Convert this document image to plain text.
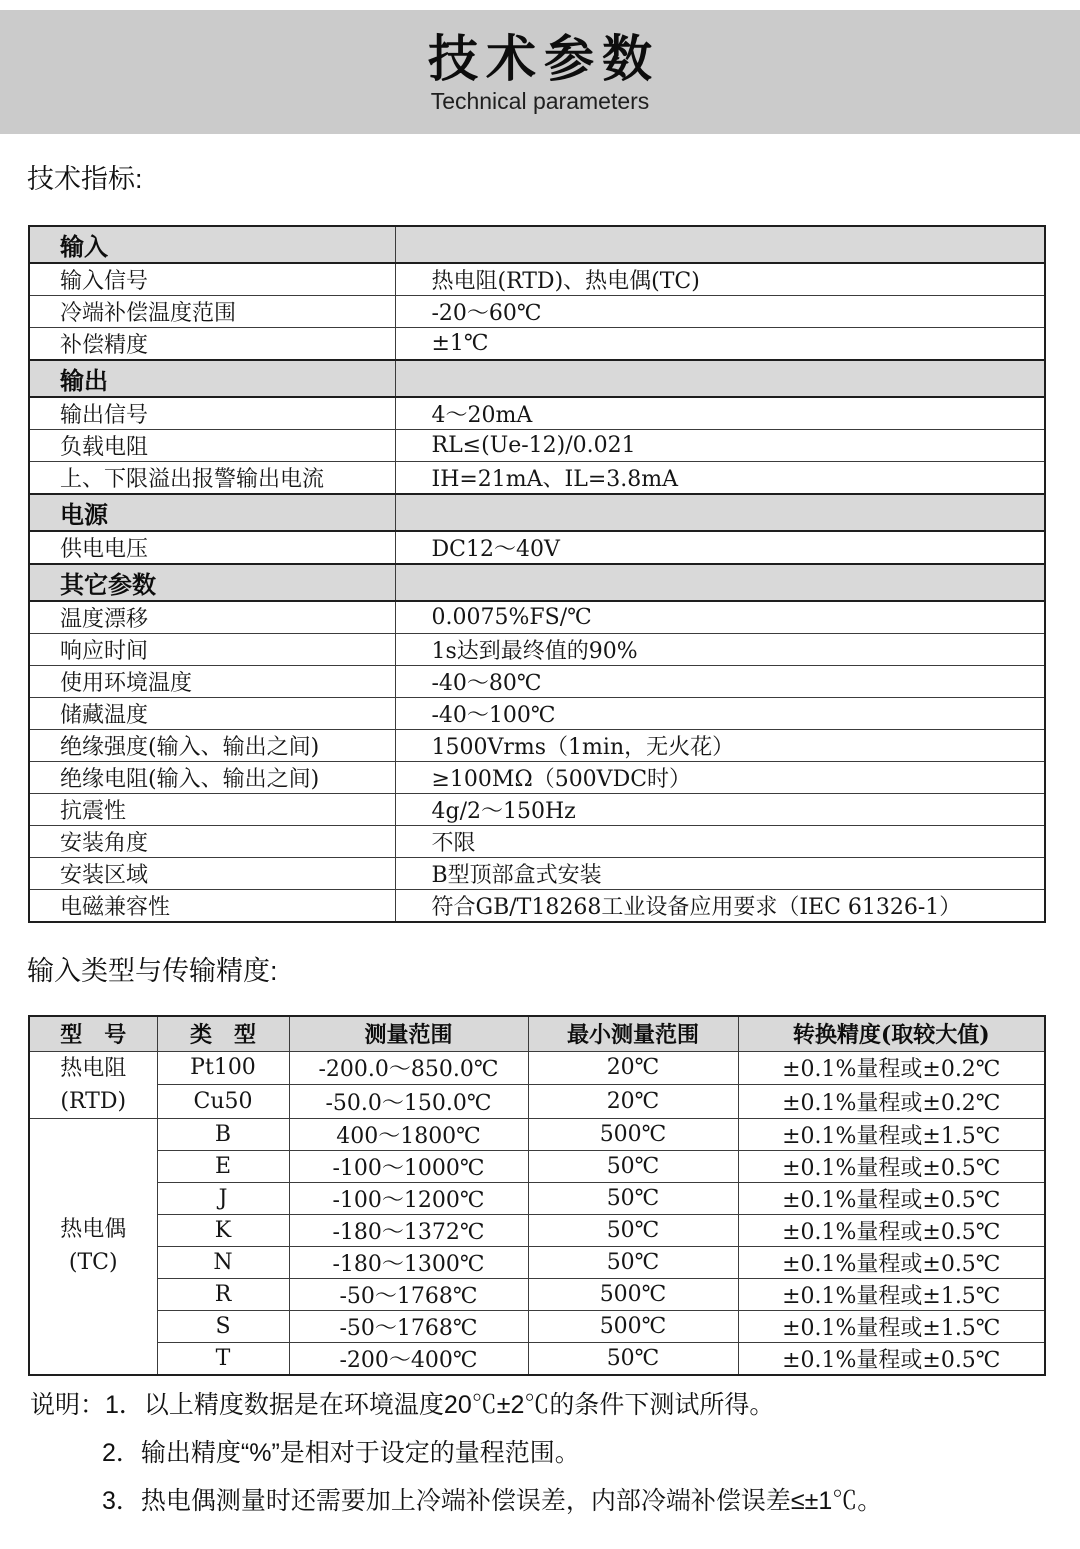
技术参数
Technical parameters
技术指标:
输入	
输入信号	热电阻(RTD)、热电偶(TC)
冷端补偿温度范围	-20～60℃
补偿精度	±1℃
输出	
输出信号	4～20mA
负载电阻	RL≤(Ue-12)/0.021
上、下限溢出报警输出电流	IH=21mA、IL=3.8mA
电源	
供电电压	DC12～40V
其它参数	
温度漂移	0.0075%FS/℃
响应时间	1s达到最终值的90%
使用环境温度	-40～80℃
储藏温度	-40～100℃
绝缘强度(输入、输出之间)	1500Vrms（1min，无火花）
绝缘电阻(输入、输出之间)	≥100MΩ（500VDC时）
抗震性	4g/2～150Hz
安装角度	不限
安装区域	B型顶部盒式安装
电磁兼容性	符合GB/T18268工业设备应用要求（IEC 61326-1）
输入类型与传输精度:
型　号	类　型	测量范围	最小测量范围	转换精度(取较大值)

热电阻
(RTD)	Pt100	-200.0～850.0℃	20℃	±0.1%量程或±0.2℃
	Cu50	-50.0～150.0℃	20℃	±0.1%量程或±0.2℃

热电偶
(TC)	B	400～1800℃	500℃	±0.1%量程或±1.5℃
	E	-100～1000℃	50℃	±0.1%量程或±0.5℃
	J	-100～1200℃	50℃	±0.1%量程或±0.5℃
	K	-180～1372℃	50℃	±0.1%量程或±0.5℃
	N	-180～1300℃	50℃	±0.1%量程或±0.5℃
	R	-50～1768℃	500℃	±0.1%量程或±1.5℃
	S	-50～1768℃	500℃	±0.1%量程或±1.5℃
	T	-200～400℃	50℃	±0.1%量程或±0.5℃
说明：1．以上精度数据是在环境温度20℃±2℃的条件下测试所得。
2．输出精度“%”是相对于设定的量程范围。
3．热电偶测量时还需要加上冷端补偿误差，内部冷端补偿误差≤±1℃。
